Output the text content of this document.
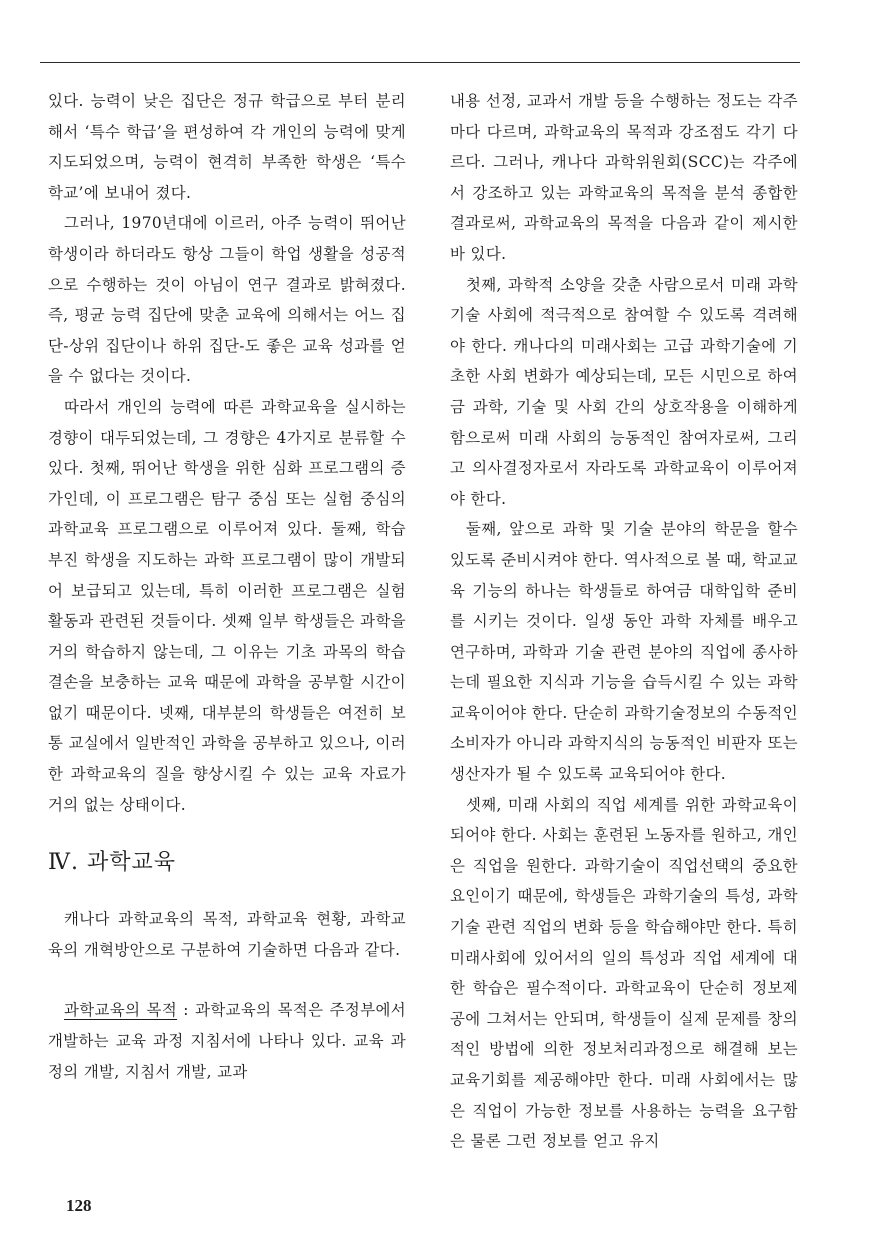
있다. 능력이 낮은 집단은 정규 학급으로 부터 분리해서 ‘특수 학급’을 편성하여 각 개인의 능력에 맞게 지도되었으며, 능력이 현격히 부족한 학생은 ‘특수 학교’에 보내어 졌다.

그러나, 1970년대에 이르러, 아주 능력이 뛰어난 학생이라 하더라도 항상 그들이 학업 생활을 성공적으로 수행하는 것이 아님이 연구 결과로 밝혀졌다. 즉, 평균 능력 집단에 맞춘 교육에 의해서는 어느 집단-상위 집단이나 하위 집단-도 좋은 교육 성과를 얻을 수 없다는 것이다.

따라서 개인의 능력에 따른 과학교육을 실시하는 경향이 대두되었는데, 그 경향은 4가지로 분류할 수 있다. 첫째, 뛰어난 학생을 위한 심화 프로그램의 증가인데, 이 프로그램은 탐구 중심 또는 실험 중심의 과학교육 프로그램으로 이루어져 있다. 둘째, 학습 부진 학생을 지도하는 과학 프로그램이 많이 개발되어 보급되고 있는데, 특히 이러한 프로그램은 실험 활동과 관련된 것들이다. 셋째 일부 학생들은 과학을 거의 학습하지 않는데, 그 이유는 기초 과목의 학습 결손을 보충하는 교육 때문에 과학을 공부할 시간이 없기 때문이다. 넷째, 대부분의 학생들은 여전히 보통 교실에서 일반적인 과학을 공부하고 있으나, 이러한 과학교육의 질을 향상시킬 수 있는 교육 자료가 거의 없는 상태이다.

Ⅳ. 과학교육

캐나다 과학교육의 목적, 과학교육 현황, 과학교육의 개혁방안으로 구분하여 기술하면 다음과 같다.

과학교육의 목적 : 과학교육의 목적은 주정부에서 개발하는 교육 과정 지침서에 나타나 있다. 교육 과정의 개발, 지침서 개발, 교과

내용 선정, 교과서 개발 등을 수행하는 정도는 각주마다 다르며, 과학교육의 목적과 강조점도 각기 다르다. 그러나, 캐나다 과학위원회(SCC)는 각주에서 강조하고 있는 과학교육의 목적을 분석 종합한 결과로써, 과학교육의 목적을 다음과 같이 제시한 바 있다.

첫째, 과학적 소양을 갖춘 사람으로서 미래 과학기술 사회에 적극적으로 참여할 수 있도록 격려해야 한다. 캐나다의 미래사회는 고급 과학기술에 기초한 사회 변화가 예상되는데, 모든 시민으로 하여금 과학, 기술 및 사회 간의 상호작용을 이해하게 함으로써 미래 사회의 능동적인 참여자로써, 그리고 의사결정자로서 자라도록 과학교육이 이루어져야 한다.

둘째, 앞으로 과학 및 기술 분야의 학문을 할수 있도록 준비시켜야 한다. 역사적으로 볼 때, 학교교육 기능의 하나는 학생들로 하여금 대학입학 준비를 시키는 것이다. 일생 동안 과학 자체를 배우고 연구하며, 과학과 기술 관련 분야의 직업에 종사하는데 필요한 지식과 기능을 습득시킬 수 있는 과학교육이어야 한다. 단순히 과학기술정보의 수동적인 소비자가 아니라 과학지식의 능동적인 비판자 또는 생산자가 될 수 있도록 교육되어야 한다.

셋째, 미래 사회의 직업 세계를 위한 과학교육이 되어야 한다. 사회는 훈련된 노동자를 원하고, 개인은 직업을 원한다. 과학기술이 직업선택의 중요한 요인이기 때문에, 학생들은 과학기술의 특성, 과학기술 관련 직업의 변화 등을 학습해야만 한다. 특히 미래사회에 있어서의 일의 특성과 직업 세계에 대한 학습은 필수적이다. 과학교육이 단순히 정보제공에 그쳐서는 안되며, 학생들이 실제 문제를 창의적인 방법에 의한 정보처리과정으로 해결해 보는 교육기회를 제공해야만 한다. 미래 사회에서는 많은 직업이 가능한 정보를 사용하는 능력을 요구함은 물론 그런 정보를 얻고 유지

128
